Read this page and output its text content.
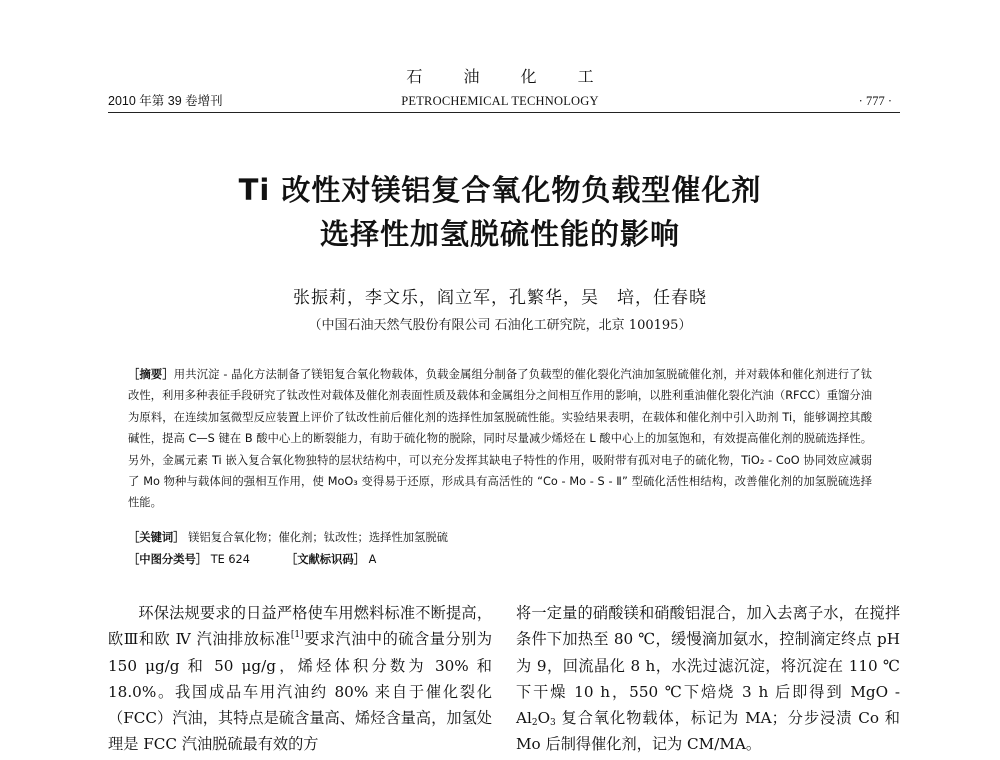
石 油 化 工
2010 年第 39 卷增刊	PETROCHEMICAL TECHNOLOGY	· 777 ·
Ti 改性对镁铝复合氧化物负载型催化剂
选择性加氢脱硫性能的影响
张振莉，李文乐，阎立军，孔繁华，吴　培，任春晓
（中国石油天然气股份有限公司 石油化工研究院，北京 100195）
［摘要］用共沉淀 - 晶化方法制备了镁铝复合氧化物载体，负载金属组分制备了负载型的催化裂化汽油加氢脱硫催化剂，并对载体和催化剂进行了钛改性，利用多种表征手段研究了钛改性对载体及催化剂表面性质及载体和金属组分之间相互作用的影响，以胜利重油催化裂化汽油（RFCC）重馏分油为原料，在连续加氢微型反应装置上评价了钛改性前后催化剂的选择性加氢脱硫性能。实验结果表明，在载体和催化剂中引入助剂 Ti，能够调控其酸碱性，提高 C—S 键在 B 酸中心上的断裂能力，有助于硫化物的脱除，同时尽量减少烯烃在 L 酸中心上的加氢饱和，有效提高催化剂的脱硫选择性。另外，金属元素 Ti 嵌入复合氧化物独特的层状结构中，可以充分发挥其缺电子特性的作用，吸附带有孤对电子的硫化物，TiO₂ - CoO 协同效应减弱了 Mo 物种与载体间的强相互作用，使 MoO₃ 变得易于还原，形成具有高活性的 “Co - Mo - S - Ⅱ” 型硫化活性相结构，改善催化剂的加氢脱硫选择性能。
［关键词］ 镁铝复合氧化物；催化剂；钛改性；选择性加氢脱硫
［中图分类号］ TE 624	［文献标识码］ A

环保法规要求的日益严格使车用燃料标准不断提高，欧Ⅲ和欧 Ⅳ 汽油排放标准[1]要求汽油中的硫含量分别为 150 μg/g 和 50 μg/g，烯烃体积分数为 30% 和 18.0%。我国成品车用汽油约 80% 来自于催化裂化（FCC）汽油，其特点是硫含量高、烯烃含量高，加氢处理是 FCC 汽油脱硫最有效的方

将一定量的硝酸镁和硝酸铝混合，加入去离子水，在搅拌条件下加热至 80 ℃，缓慢滴加氨水，控制滴定终点 pH 为 9，回流晶化 8 h，水洗过滤沉淀，将沉淀在 110 ℃下干燥 10 h，550 ℃下焙烧 3 h 后即得到 MgO - $Al_2O_3$ 复合氧化物载体，标记为 MA；分步浸渍 Co 和 Mo 后制得催化剂，记为 CM/MA。
